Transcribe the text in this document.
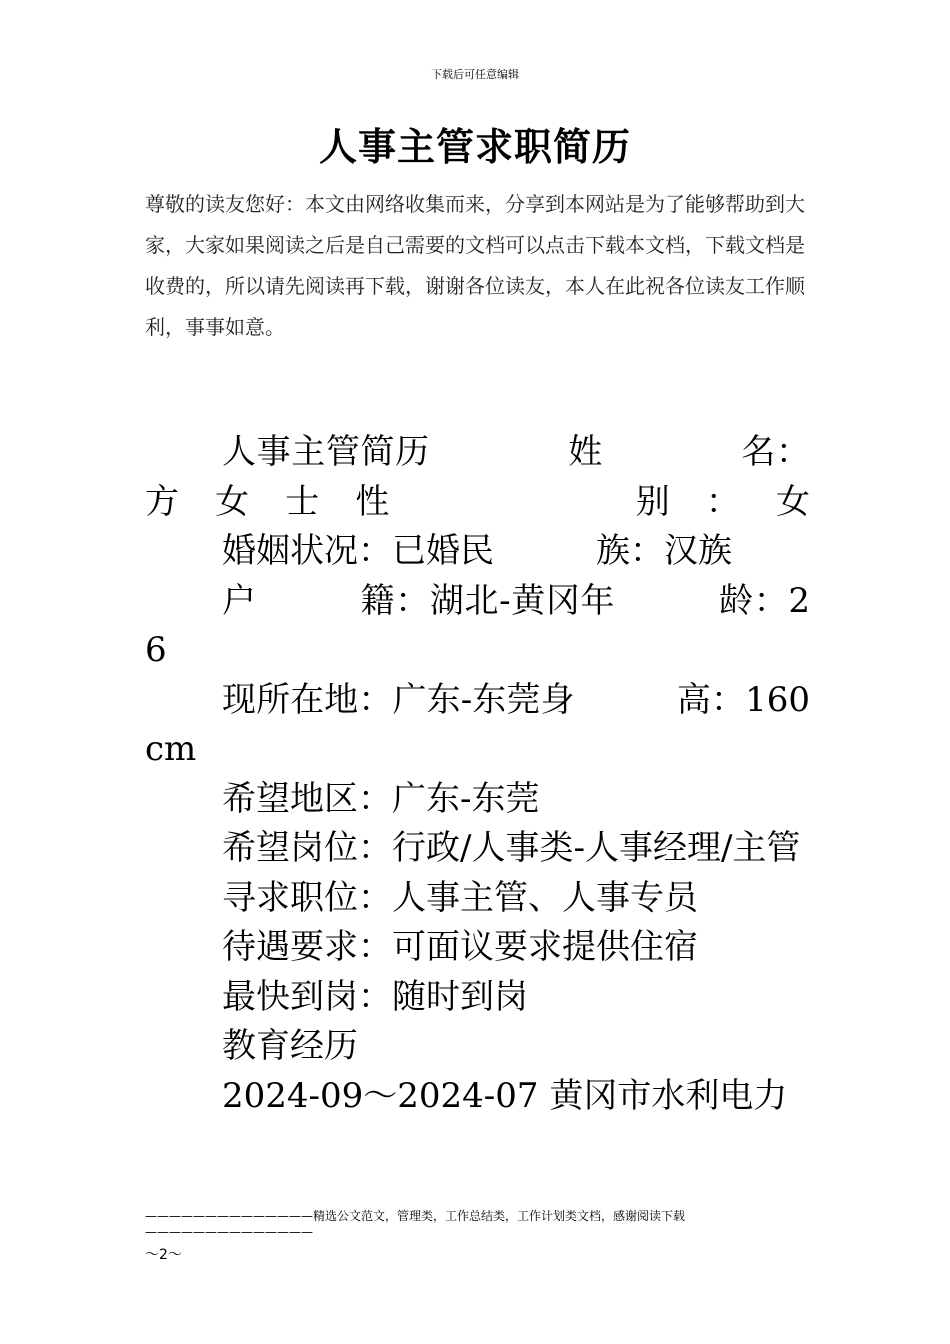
下载后可任意编辑
人事主管求职简历
尊敬的读友您好：本文由网络收集而来，分享到本网站是为了能够帮助到大家，大家如果阅读之后是自己需要的文档可以点击下载本文档，下载文档是收费的，所以请先阅读再下载，谢谢各位读友，本人在此祝各位读友工作顺利，事事如意。

人事主管简历　　　　姓　　　　名：方女士性　　　别：女

婚姻状况：已婚民　　　族：汉族

户　　　籍：湖北-黄冈年　　　龄：26

现所在地：广东-东莞身　　　高：160cm

希望地区：广东-东莞

希望岗位：行政/人事类-人事经理/主管

寻求职位：人事主管、人事专员

待遇要求：可面议要求提供住宿

最快到岗：随时到岗

教育经历

2024-09～2024-07 黄冈市水利电力

——————————————精选公文范文，管理类，工作总结类，工作计划类文档，感谢阅读下载——————————————
～2～
